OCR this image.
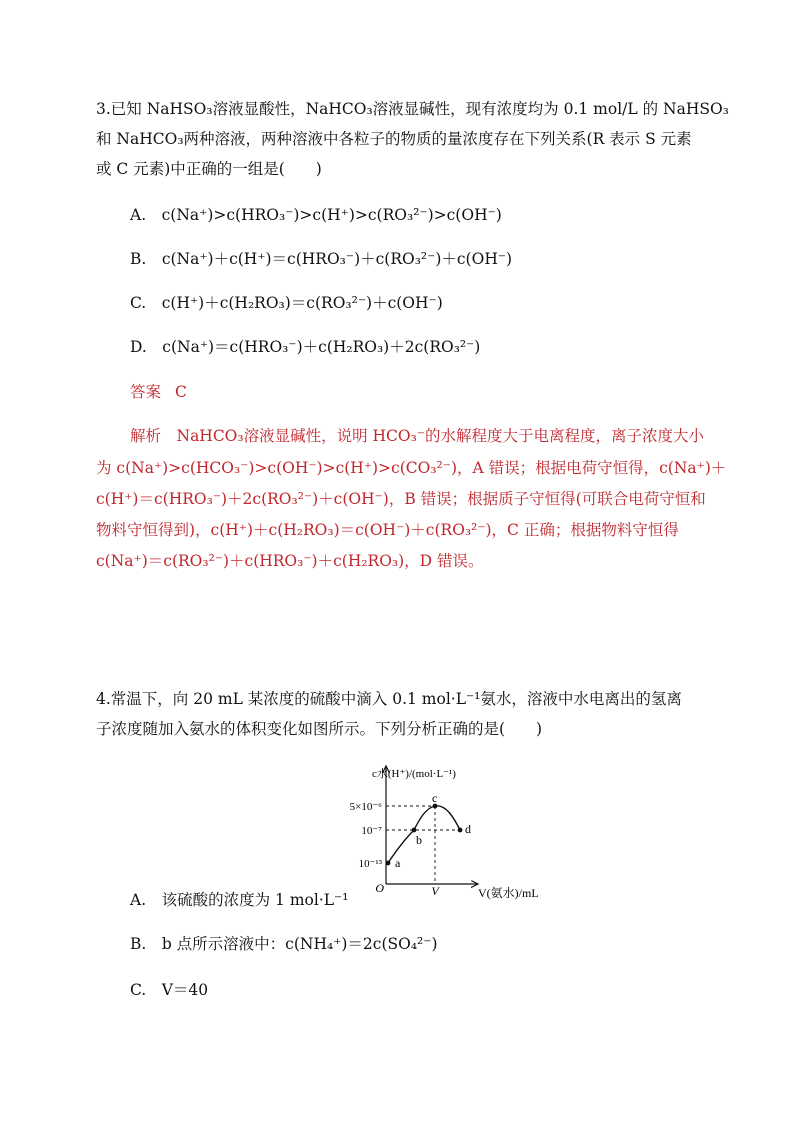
3.已知 NaHSO₃溶液显酸性，NaHCO₃溶液显碱性，现有浓度均为 0.1 mol/L 的 NaHSO₃
和 NaHCO₃两种溶液，两种溶液中各粒子的物质的量浓度存在下列关系(R 表示 S 元素
或 C 元素)中正确的一组是(　　)
A.　c(Na⁺)>c(HRO₃⁻)>c(H⁺)>c(RO₃²⁻)>c(OH⁻)
B.　c(Na⁺)＋c(H⁺)＝c(HRO₃⁻)＋c(RO₃²⁻)＋c(OH⁻)
C.　c(H⁺)＋c(H₂RO₃)＝c(RO₃²⁻)＋c(OH⁻)
D.　c(Na⁺)＝c(HRO₃⁻)＋c(H₂RO₃)＋2c(RO₃²⁻)
答案 C
解析　NaHCO₃溶液显碱性，说明 HCO₃⁻的水解程度大于电离程度，离子浓度大小
为 c(Na⁺)>c(HCO₃⁻)>c(OH⁻)>c(H⁺)>c(CO₃²⁻)，A 错误；根据电荷守恒得，c(Na⁺)＋
c(H⁺)＝c(HRO₃⁻)＋2c(RO₃²⁻)＋c(OH⁻)，B 错误；根据质子守恒得(可联合电荷守恒和
物料守恒得到)，c(H⁺)＋c(H₂RO₃)＝c(OH⁻)＋c(RO₃²⁻)，C 正确；根据物料守恒得
c(Na⁺)＝c(RO₃²⁻)＋c(HRO₃⁻)＋c(H₂RO₃)，D 错误。
4.常温下，向 20 mL 某浓度的硫酸中滴入 0.1 mol·L⁻¹氨水，溶液中水电离出的氢离
子浓度随加入氨水的体积变化如图所示。下列分析正确的是(　　)
c水(H⁺)/(mol·L⁻¹)
5×10⁻⁶
10⁻⁷
10⁻¹³
O	V	V(氨水)/mL
a
b
c
d
A.　该硫酸的浓度为 1 mol·L⁻¹
B.　b 点所示溶液中：c(NH₄⁺)＝2c(SO₄²⁻)
C.　V＝40
